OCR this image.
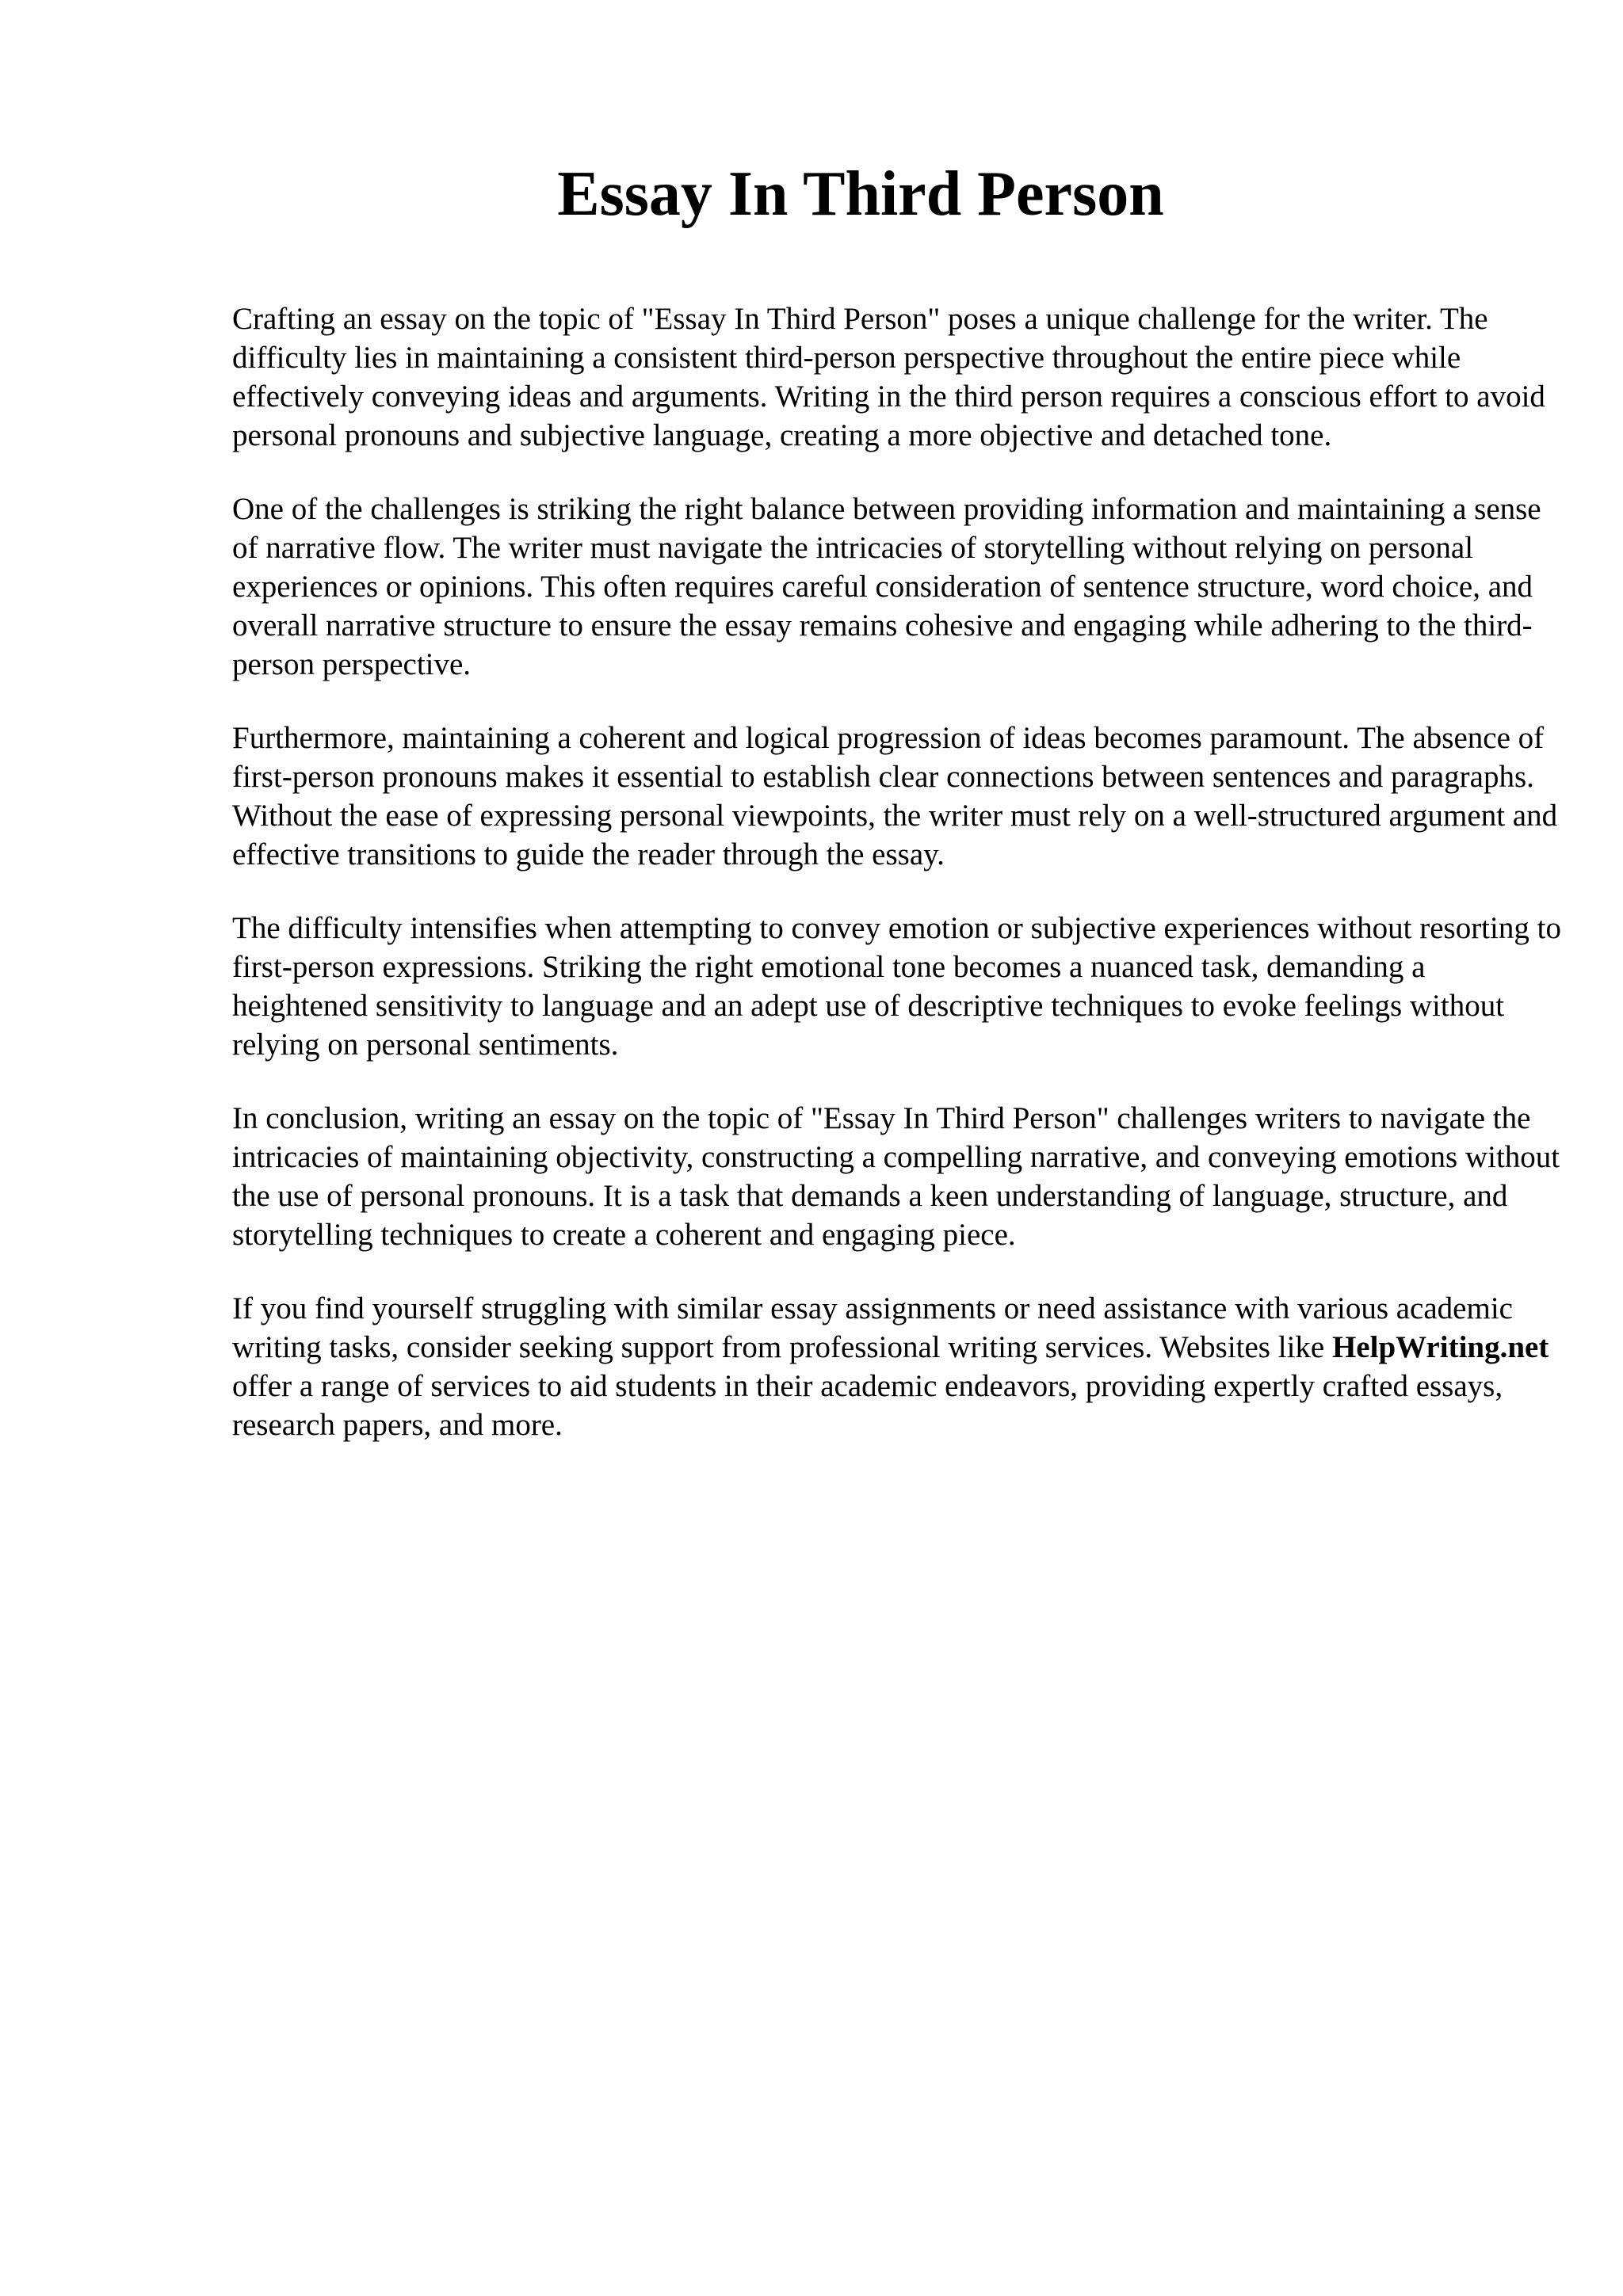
Essay In Third Person

Crafting an essay on the topic of "Essay In Third Person" poses a unique challenge for the writer. The difficulty lies in maintaining a consistent third-person perspective throughout the entire piece while effectively conveying ideas and arguments. Writing in the third person requires a conscious effort to avoid personal pronouns and subjective language, creating a more objective and detached tone.

One of the challenges is striking the right balance between providing information and maintaining a sense of narrative flow. The writer must navigate the intricacies of storytelling without relying on personal experiences or opinions. This often requires careful consideration of sentence structure, word choice, and overall narrative structure to ensure the essay remains cohesive and engaging while adhering to the third-person perspective.

Furthermore, maintaining a coherent and logical progression of ideas becomes paramount. The absence of first-person pronouns makes it essential to establish clear connections between sentences and paragraphs. Without the ease of expressing personal viewpoints, the writer must rely on a well-structured argument and effective transitions to guide the reader through the essay.

The difficulty intensifies when attempting to convey emotion or subjective experiences without resorting to first-person expressions. Striking the right emotional tone becomes a nuanced task, demanding a heightened sensitivity to language and an adept use of descriptive techniques to evoke feelings without relying on personal sentiments.

In conclusion, writing an essay on the topic of "Essay In Third Person" challenges writers to navigate the intricacies of maintaining objectivity, constructing a compelling narrative, and conveying emotions without the use of personal pronouns. It is a task that demands a keen understanding of language, structure, and storytelling techniques to create a coherent and engaging piece.

If you find yourself struggling with similar essay assignments or need assistance with various academic writing tasks, consider seeking support from professional writing services. Websites like HelpWriting.net offer a range of services to aid students in their academic endeavors, providing expertly crafted essays, research papers, and more.
